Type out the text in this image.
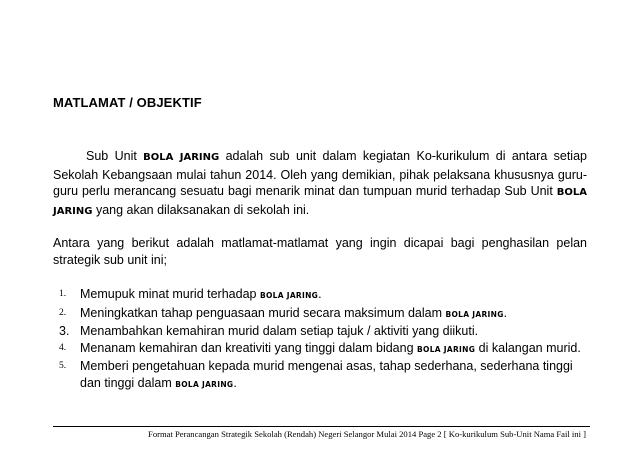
MATLAMAT / OBJEKTIF

Sub Unit BOLA JARING adalah sub unit dalam kegiatan Ko-kurikulum di antara setiap Sekolah Kebangsaan mulai tahun 2014. Oleh yang demikian, pihak pelaksana khususnya guru-guru perlu merancang sesuatu bagi menarik minat dan tumpuan murid terhadap Sub Unit BOLA JARING yang akan dilaksanakan di sekolah ini.

Antara yang berikut adalah matlamat-matlamat yang ingin dicapai bagi penghasilan pelan strategik sub unit ini;

1. Memupuk minat murid terhadap BOLA JARING.
2. Meningkatkan tahap penguasaan murid secara maksimum dalam BOLA JARING.
3. Menambahkan kemahiran murid dalam setiap tajuk / aktiviti yang diikuti.
4. Menanam kemahiran dan kreativiti yang tinggi dalam bidang BOLA JARING di kalangan murid.
5. Memberi pengetahuan kepada murid mengenai asas, tahap sederhana, sederhana tinggi dan tinggi dalam BOLA JARING.
Format Perancangan Strategik Sekolah (Rendah) Negeri Selangor Mulai 2014 Page 2 [ Ko-kurikulum Sub-Unit Nama Fail ini ]
